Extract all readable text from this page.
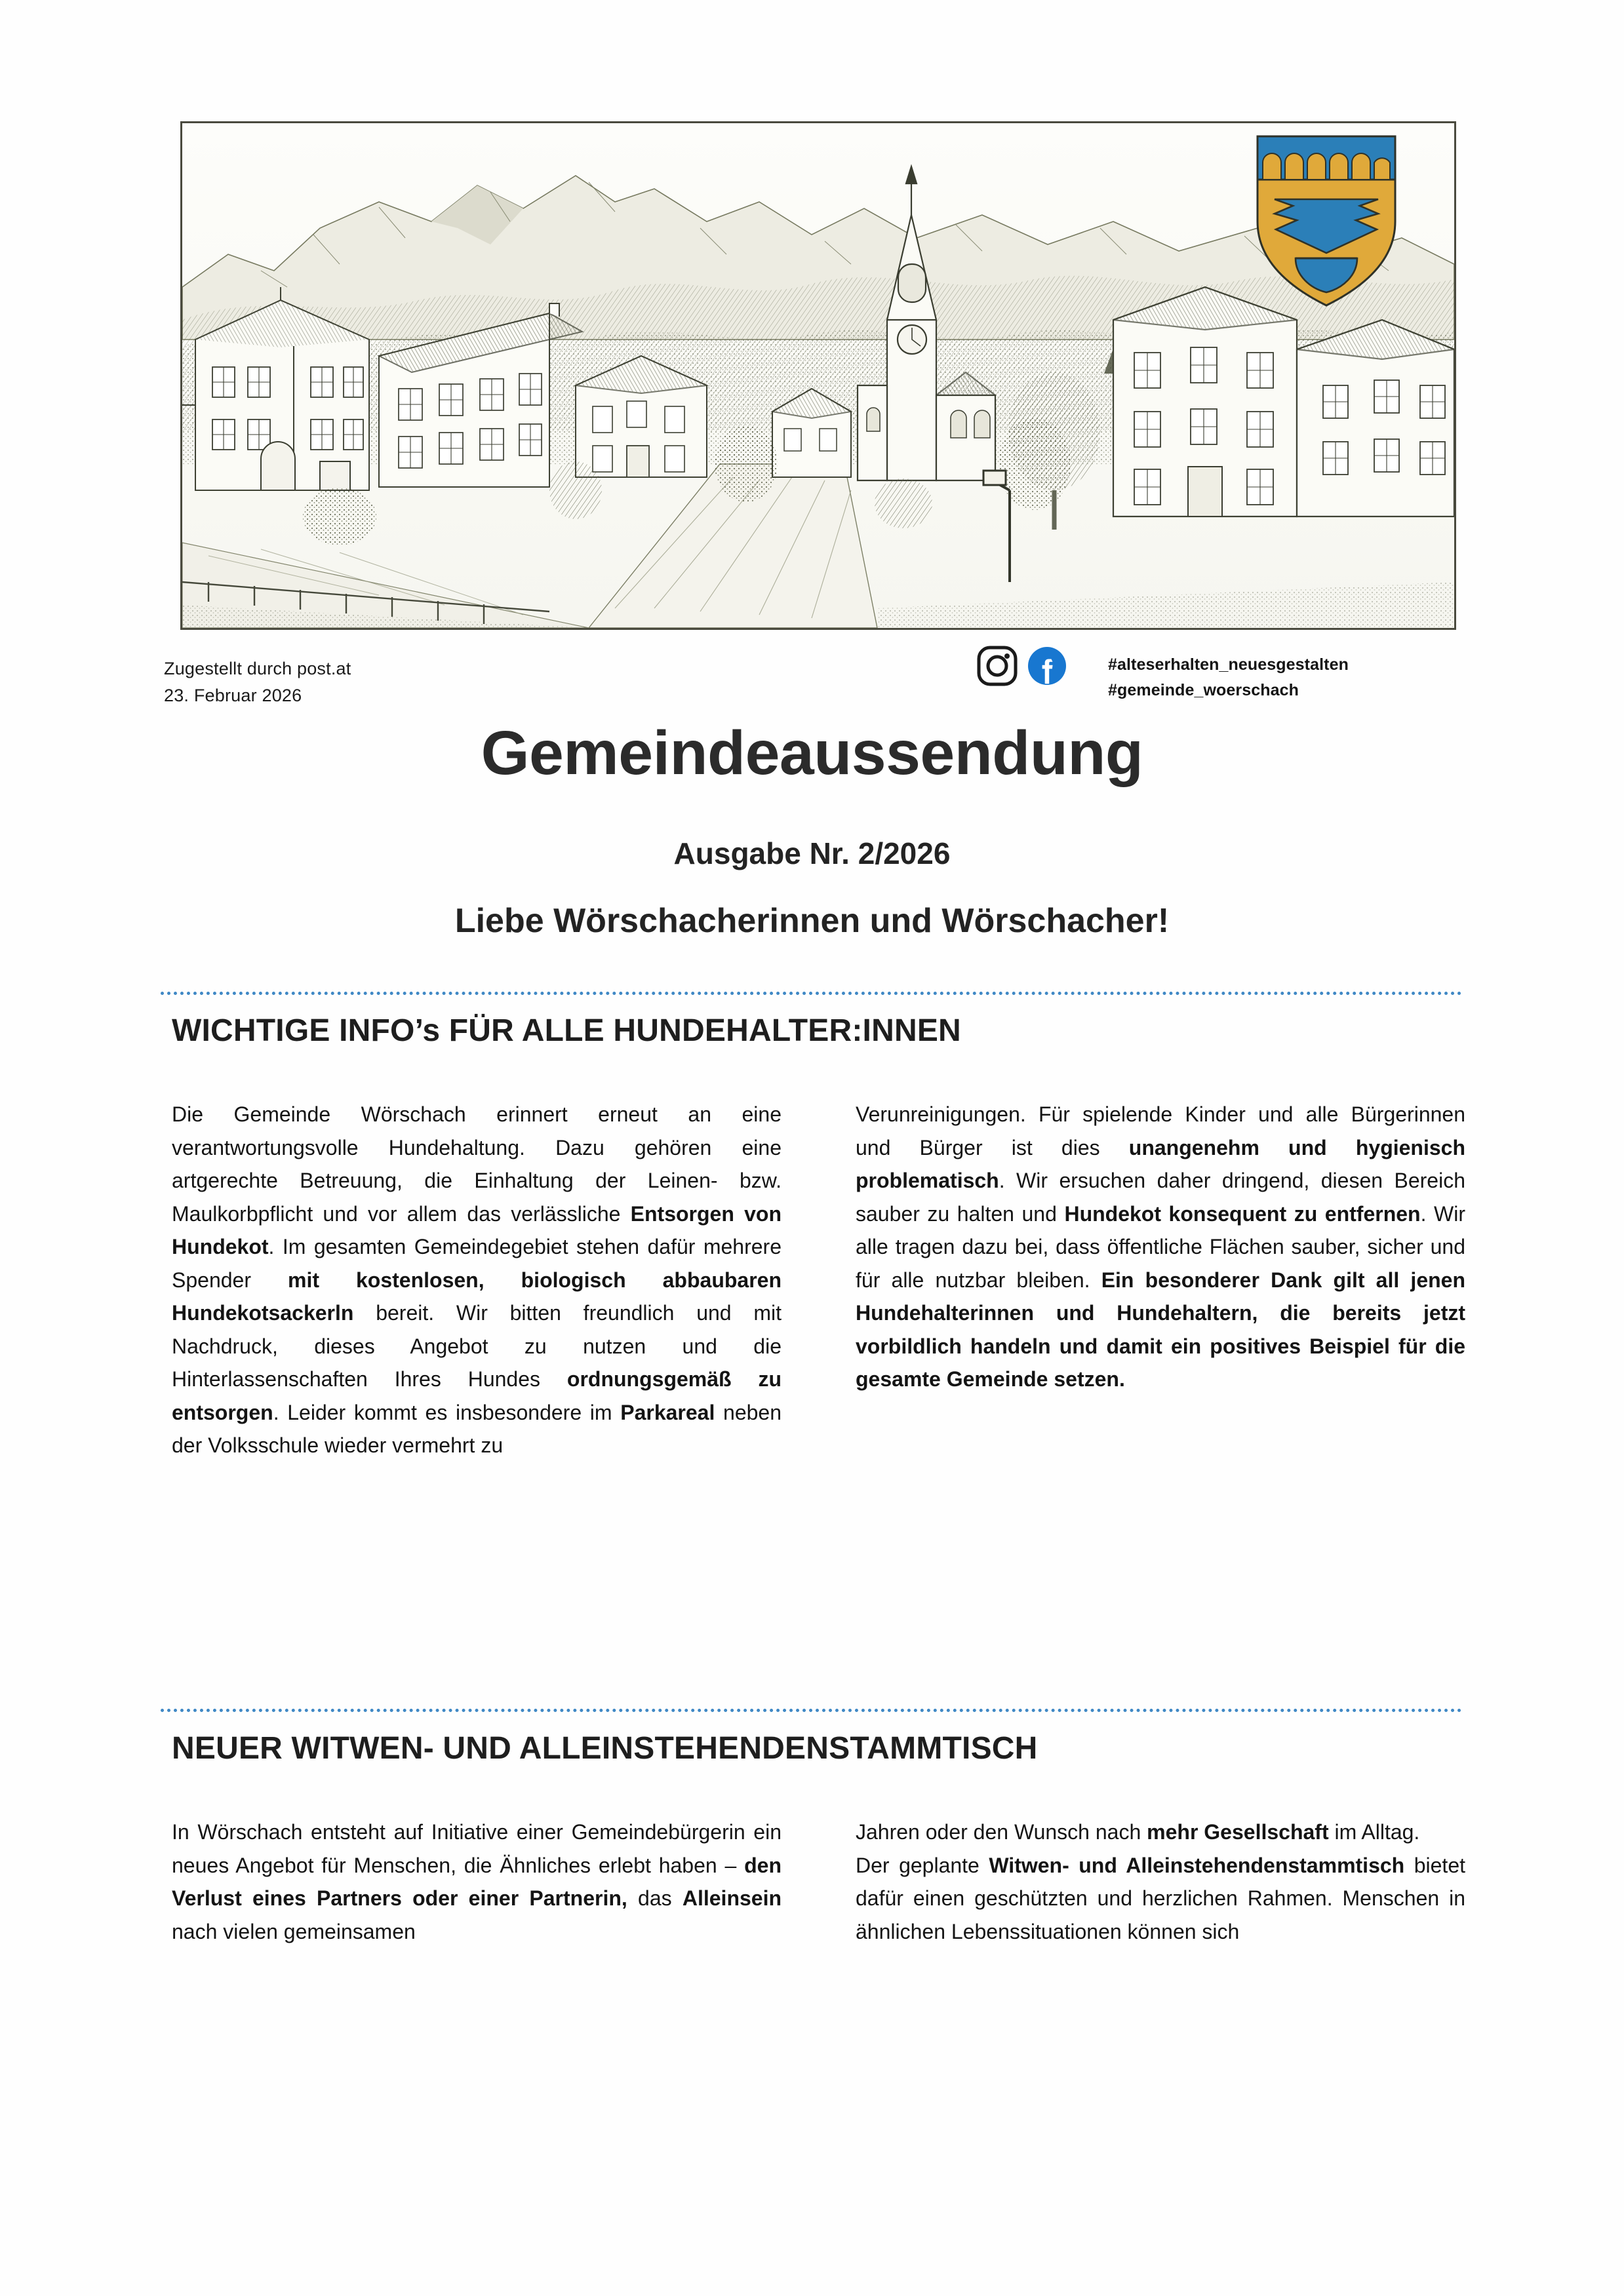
Zugestellt durch post.at
23. Februar 2026
#alteserhalten_neuesgestalten
#gemeinde_woerschach
Gemeindeaussendung
Ausgabe Nr. 2/2026
Liebe Wörschacherinnen und Wörschacher!
WICHTIGE INFO’s FÜR ALLE HUNDEHALTER:INNEN

Die Gemeinde Wörschach erinnert erneut an eine verantwortungsvolle Hundehaltung. Dazu gehören eine artgerechte Betreuung, die Einhaltung der Leinen- bzw. Maulkorbpflicht und vor allem das verlässliche Entsorgen von Hundekot. Im gesamten Gemeindegebiet stehen dafür mehrere Spender mit kostenlosen, biologisch abbaubaren Hundekotsackerln bereit. Wir bitten freundlich und mit Nachdruck, dieses Angebot zu nutzen und die Hinterlassenschaften Ihres Hundes ordnungsgemäß zu entsorgen. Leider kommt es insbesondere im Parkareal neben der Volksschule wieder vermehrt zu

Verunreinigungen. Für spielende Kinder und alle Bürgerinnen und Bürger ist dies unangenehm und hygienisch problematisch. Wir ersuchen daher dringend, diesen Bereich sauber zu halten und Hundekot konsequent zu entfernen. Wir alle tragen dazu bei, dass öffentliche Flächen sauber, sicher und für alle nutzbar bleiben. Ein besonderer Dank gilt all jenen Hundehalterinnen und Hundehaltern, die bereits jetzt vorbildlich handeln und damit ein positives Beispiel für die gesamte Gemeinde setzen.

NEUER WITWEN- UND ALLEINSTEHENDENSTAMMTISCH

In Wörschach entsteht auf Initiative einer Gemeindebürgerin ein neues Angebot für Menschen, die Ähnliches erlebt haben – den Verlust eines Partners oder einer Partnerin, das Alleinsein nach vielen gemeinsamen

Jahren oder den Wunsch nach mehr Gesellschaft im Alltag.
Der geplante Witwen- und Alleinstehendenstammtisch bietet dafür einen geschützten und herzlichen Rahmen. Menschen in ähnlichen Lebenssituationen können sich
